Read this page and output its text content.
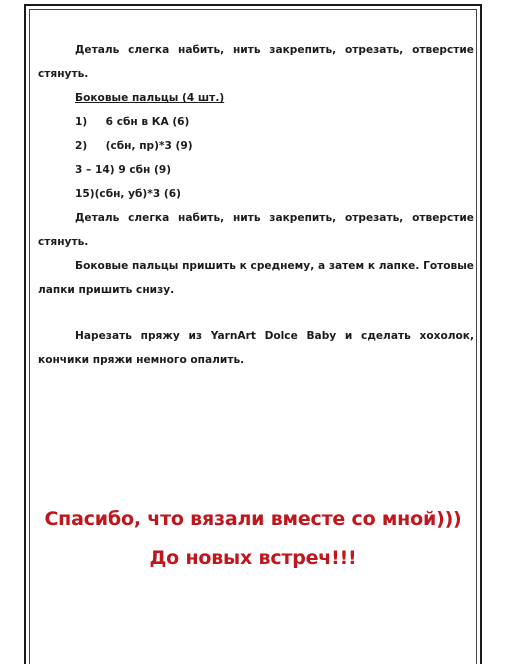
Деталь слегка набить, нить закрепить, отрезать, отверстие
стянуть.
Боковые пальцы (4 шт.)
1)     6 сбн в КА (6)
2)     (сбн, пр)*3 (9)
3 – 14) 9 сбн (9)
15)(сбн, уб)*3 (6)
Деталь слегка набить, нить закрепить, отрезать, отверстие
стянуть.
Боковые пальцы пришить к среднему, а затем к лапке. Готовые
лапки пришить снизу.
Нарезать пряжу из YarnArt Dolce Baby и сделать хохолок,
кончики пряжи немного опалить.
Спасибо, что вязали вместе со мной)))
До новых встреч!!!
